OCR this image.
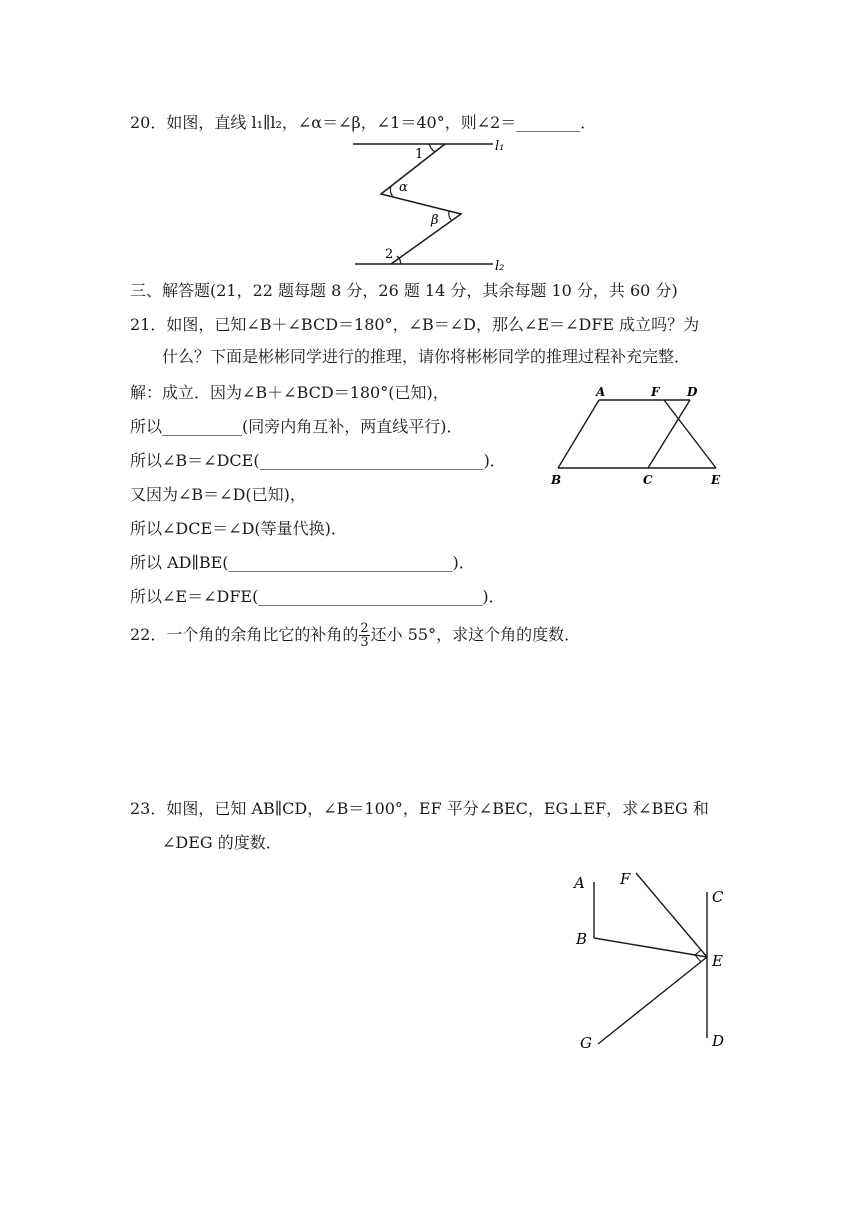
20．如图，直线 l₁∥l₂，∠α＝∠β，∠1＝40°，则∠2＝________．
l₁
l₂
1
α
β
2
三、解答题(21，22 题每题 8 分，26 题 14 分，其余每题 10 分，共 60 分)
21．如图，已知∠B＋∠BCD＝180°，∠B＝∠D，那么∠E＝∠DFE 成立吗？为
什么？下面是彬彬同学进行的推理，请你将彬彬同学的推理过程补充完整．
解：成立．因为∠B＋∠BCD＝180°(已知)，
所以__________(同旁内角互补，两直线平行)．
所以∠B＝∠DCE(____________________________)．
又因为∠B＝∠D(已知)，
所以∠DCE＝∠D(等量代换)．
所以 AD∥BE(____________________________)．
所以∠E＝∠DFE(____________________________)．
A	F D
B	C	E
22．一个角的余角比它的补角的 $\frac{2}{3}$ 还小 55°，求这个角的度数．
23．如图，已知 AB∥CD，∠B＝100°，EF 平分∠BEC，EG⊥EF，求∠BEG 和
∠DEG 的度数．
A F
C
B
E
G	D
